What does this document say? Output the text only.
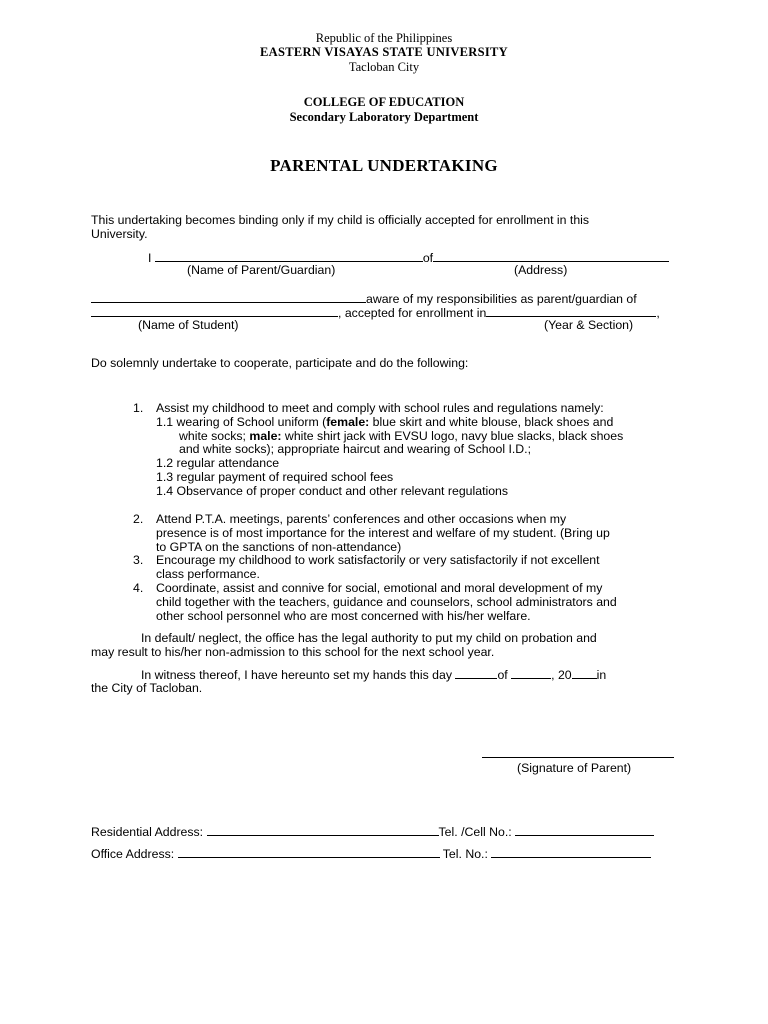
Republic of the Philippines
EASTERN VISAYAS STATE UNIVERSITY
Tacloban City
COLLEGE OF EDUCATION
Secondary Laboratory Department
PARENTAL UNDERTAKING
This undertaking becomes binding only if my child is officially accepted for enrollment in this
University.
I	of
(Name of Parent/Guardian)	(Address)
aware of my responsibilities as parent/guardian of
, accepted for enrollment in	,
(Name of Student)	(Year & Section)
Do solemnly undertake to cooperate, participate and do the following:
1. Assist my childhood to meet and comply with school rules and regulations namely:
1.1 wearing of School uniform (female: blue skirt and white blouse, black shoes and
white socks; male: white shirt jack with EVSU logo, navy blue slacks, black shoes
and white socks); appropriate haircut and wearing of School I.D.;
1.2 regular attendance
1.3 regular payment of required school fees
1.4 Observance of proper conduct and other relevant regulations
2. Attend P.T.A. meetings, parents’ conferences and other occasions when my
presence is of most importance for the interest and welfare of my student. (Bring up
to GPTA on the sanctions of non-attendance)
3. Encourage my childhood to work satisfactorily or very satisfactorily if not excellent
class performance.
4. Coordinate, assist and connive for social, emotional and moral development of my
child together with the teachers, guidance and counselors, school administrators and
other school personnel who are most concerned with his/her welfare.
In default/ neglect, the office has the legal authority to put my child on probation and
may result to his/her non-admission to this school for the next school year.
In witness thereof, I have hereunto set my hands this day	of	, 20 in
the City of Tacloban.
(Signature of Parent)
Residential Address:	Tel. /Cell No.:
Office Address:	Tel. No.:
